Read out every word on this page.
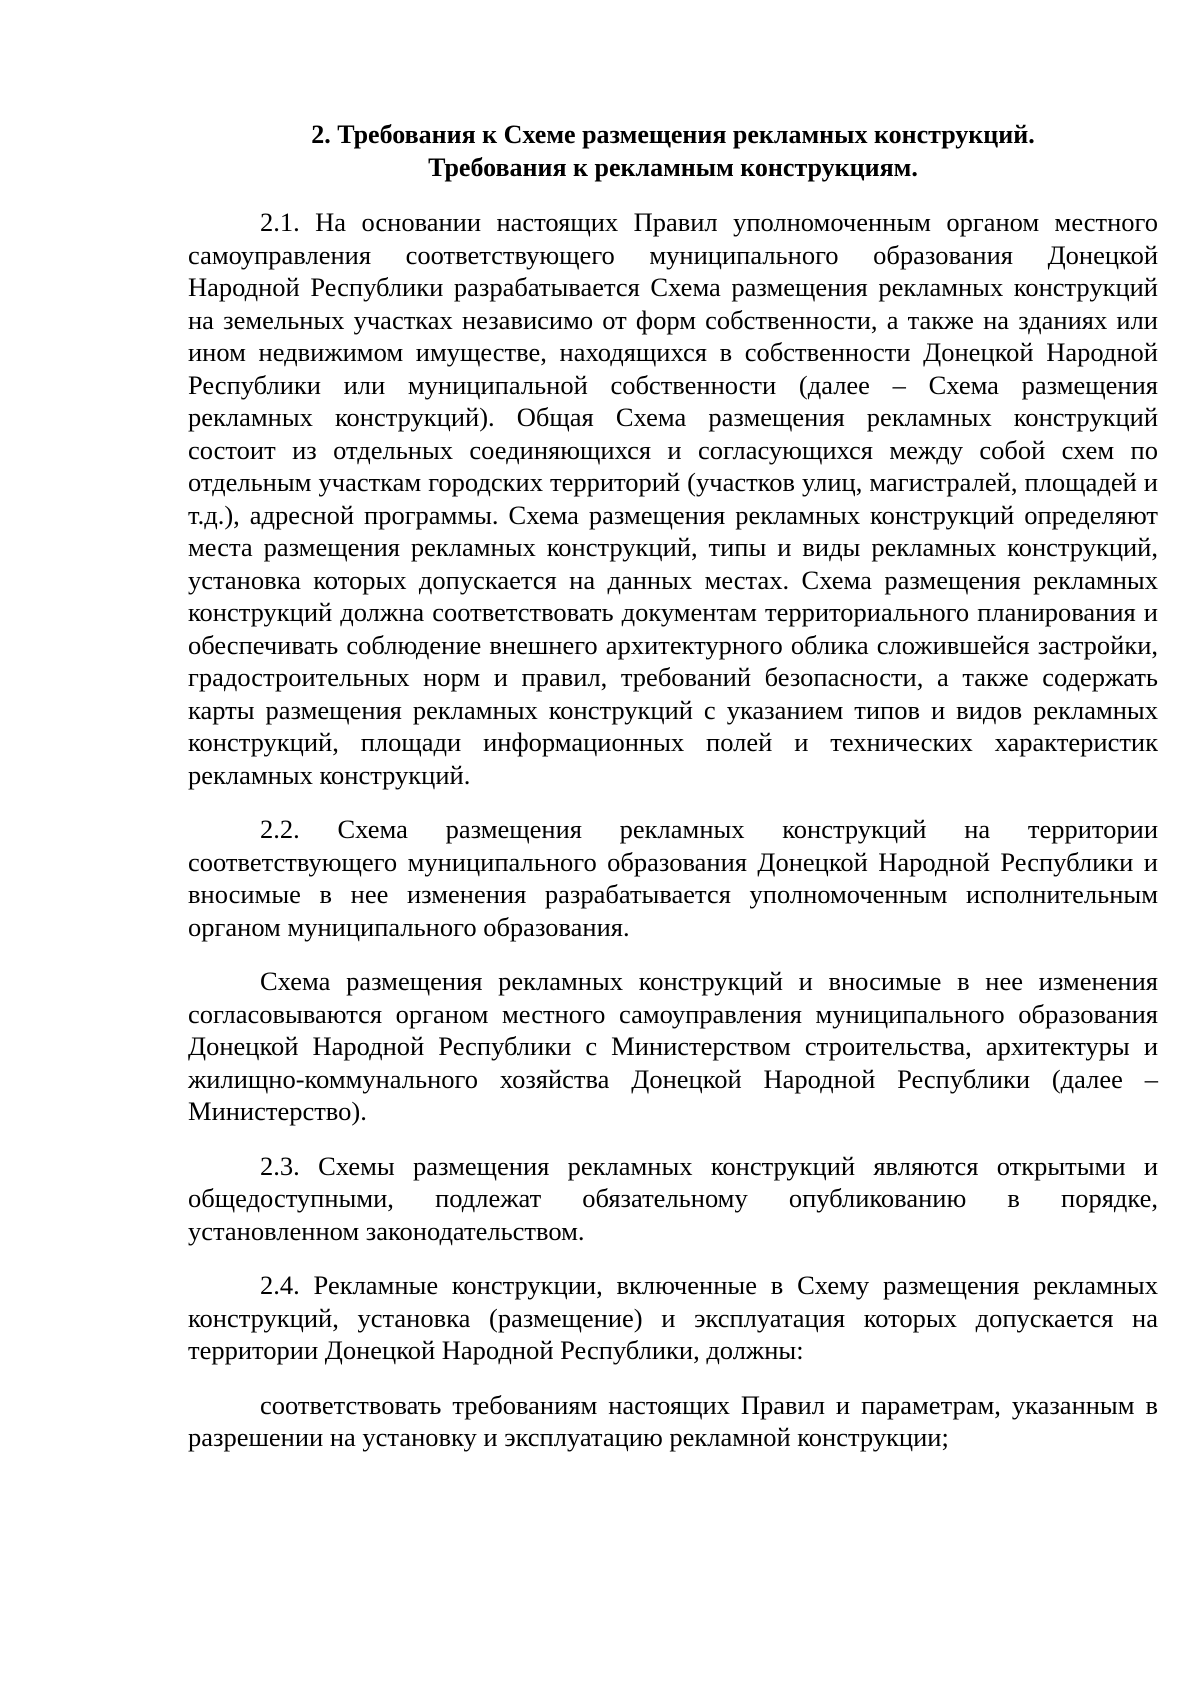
2. Требования к Схеме размещения рекламных конструкций.
Требования к рекламным конструкциям.

2.1. На основании настоящих Правил уполномоченным органом местного самоуправления соответствующего муниципального образования Донецкой Народной Республики разрабатывается Схема размещения рекламных конструкций на земельных участках независимо от форм собственности, а также на зданиях или ином недвижимом имуществе, находящихся в собственности Донецкой Народной Республики или муниципальной собственности (далее – Схема размещения рекламных конструкций). Общая Схема размещения рекламных конструкций состоит из отдельных соединяющихся и согласующихся между собой схем по отдельным участкам городских территорий (участков улиц, магистралей, площадей и т.д.), адресной программы. Схема размещения рекламных конструкций определяют места размещения рекламных конструкций, типы и виды рекламных конструкций, установка которых допускается на данных местах. Схема размещения рекламных конструкций должна соответствовать документам территориального планирования и обеспечивать соблюдение внешнего архитектурного облика сложившейся застройки, градостроительных норм и правил, требований безопасности, а также содержать карты размещения рекламных конструкций с указанием типов и видов рекламных конструкций, площади информационных полей и технических характеристик рекламных конструкций.

2.2. Схема размещения рекламных конструкций на территории соответствующего муниципального образования Донецкой Народной Республики и вносимые в нее изменения разрабатывается уполномоченным исполнительным органом муниципального образования.

Схема размещения рекламных конструкций и вносимые в нее изменения согласовываются органом местного самоуправления муниципального образования Донецкой Народной Республики с Министерством строительства, архитектуры и жилищно-коммунального хозяйства Донецкой Народной Республики (далее – Министерство).

2.3. Схемы размещения рекламных конструкций являются открытыми и общедоступными, подлежат обязательному опубликованию в порядке, установленном законодательством.

2.4. Рекламные конструкции, включенные в Схему размещения рекламных конструкций, установка (размещение) и эксплуатация которых допускается на территории Донецкой Народной Республики, должны:

соответствовать требованиям настоящих Правил и параметрам, указанным в разрешении на установку и эксплуатацию рекламной конструкции;
